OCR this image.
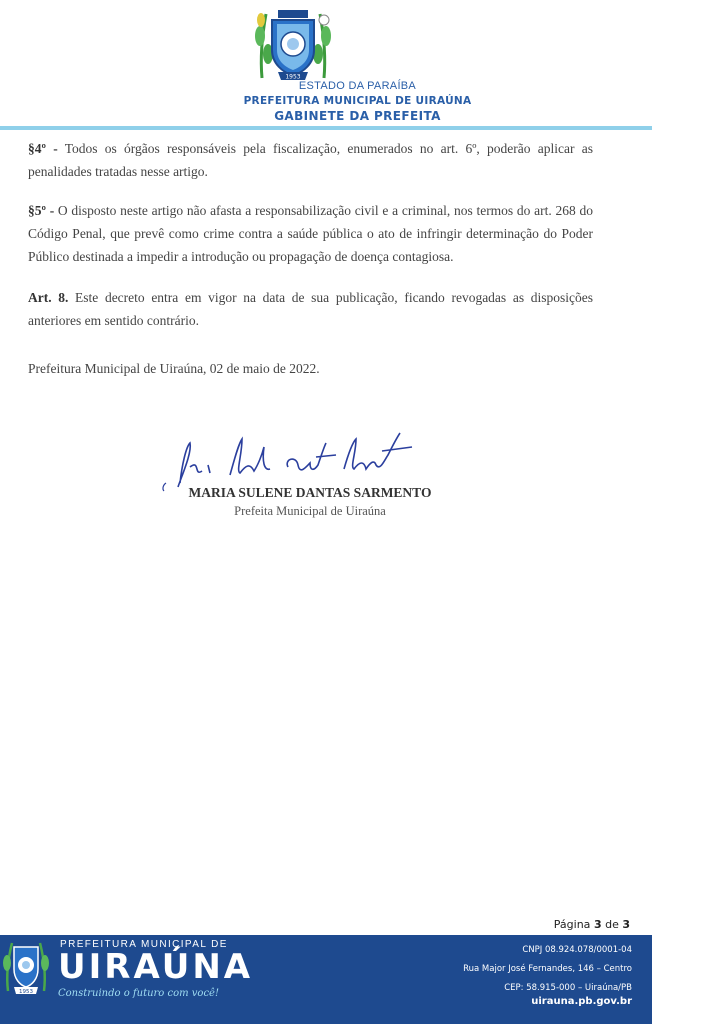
1953
ESTADO DA PARAÍBA
PREFEITURA MUNICIPAL DE UIRAÚNA
GABINETE DA PREFEITA

§4º - Todos os órgãos responsáveis pela fiscalização, enumerados no art. 6º, poderão aplicar as penalidades tratadas nesse artigo.

§5º - O disposto neste artigo não afasta a responsabilização civil e a criminal, nos termos do art. 268 do Código Penal, que prevê como crime contra a saúde pública o ato de infringir determinação do Poder Público destinada a impedir a introdução ou propagação de doença contagiosa.

Art. 8. Este decreto entra em vigor na data de sua publicação, ficando revogadas as disposições anteriores em sentido contrário.

Prefeitura Municipal de Uiraúna, 02 de maio de 2022.

MARIA SULENE DANTAS SARMENTO
Prefeita Municipal de Uiraúna
Página 3 de 3
1953
PREFEITURA MUNICIPAL DE
UIRAÚNA
Construindo o futuro com você!
CNPJ 08.924.078/0001-04
Rua Major José Fernandes, 146 – Centro
CEP: 58.915-000 – Uiraúna/PB
uirauna.pb.gov.br
